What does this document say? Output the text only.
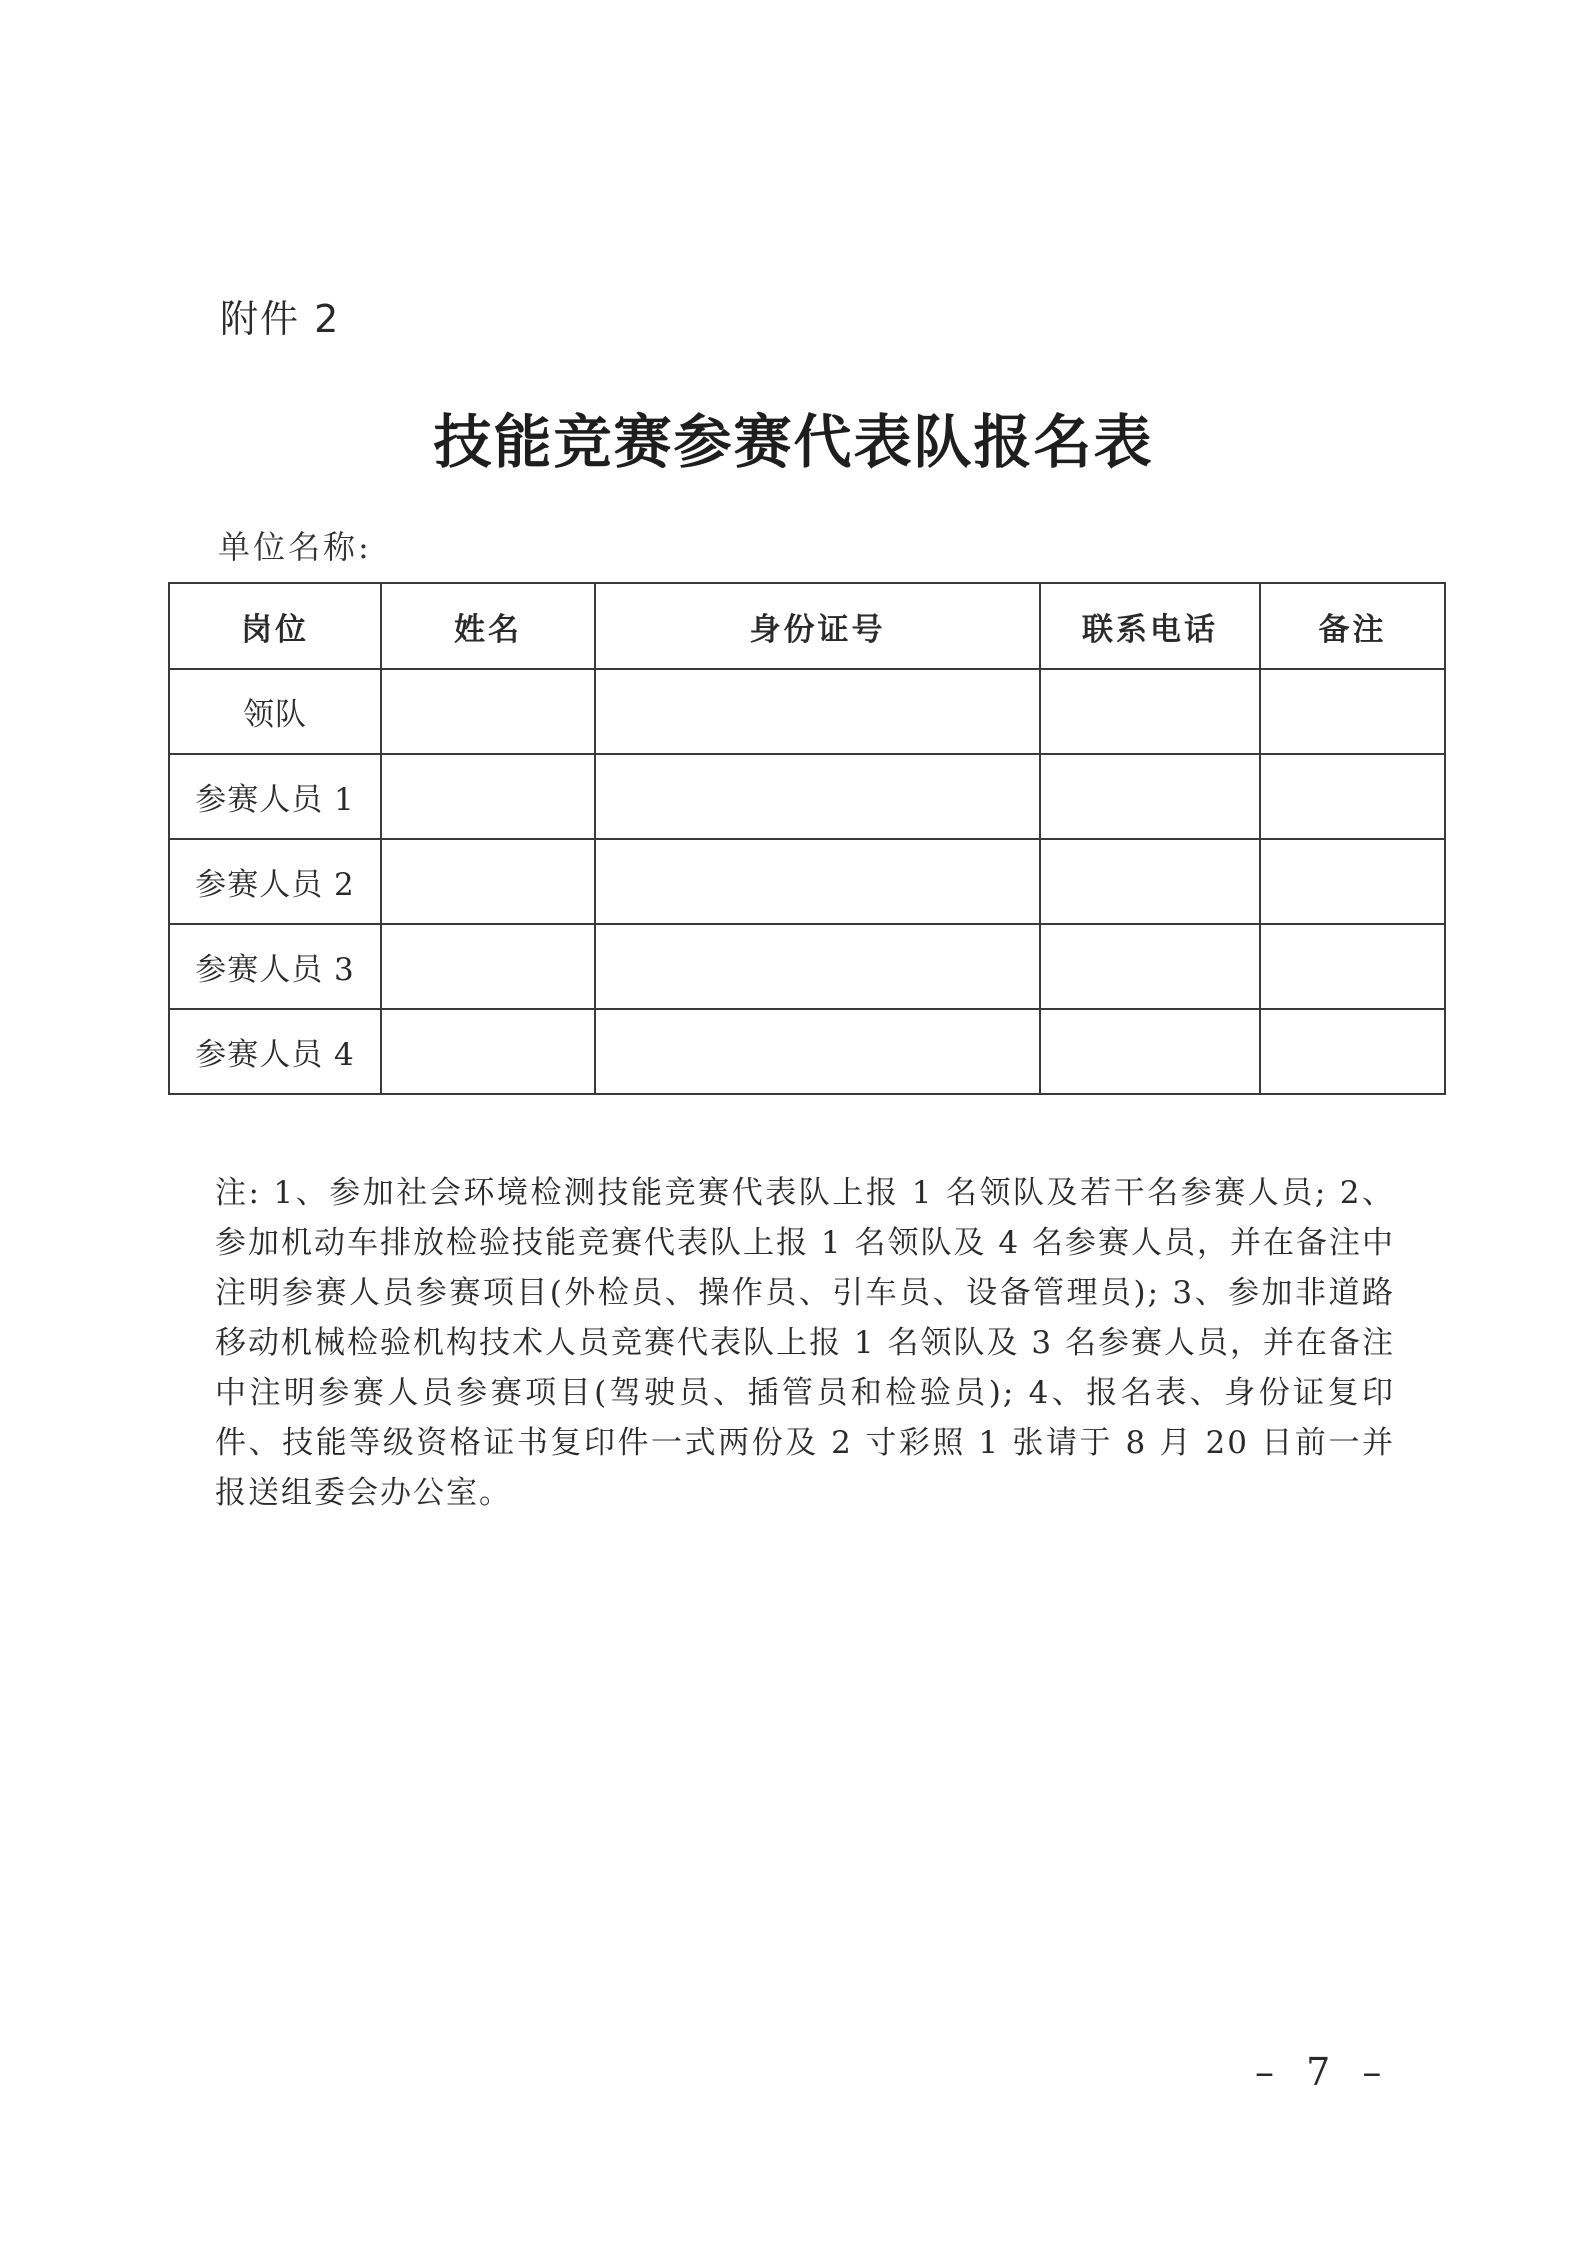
附件 2
技能竞赛参赛代表队报名表
单位名称:
岗位	姓名	身份证号	联系电话	备注
领队				
参赛人员 1				
参赛人员 2				
参赛人员 3				
参赛人员 4				
注: 1、参加社会环境检测技能竞赛代表队上报 1 名领队及若干名参赛人员; 2、参加机动车排放检验技能竞赛代表队上报 1 名领队及 4 名参赛人员，并在备注中注明参赛人员参赛项目(外检员、操作员、引车员、设备管理员); 3、参加非道路移动机械检验机构技术人员竞赛代表队上报 1 名领队及 3 名参赛人员，并在备注中注明参赛人员参赛项目(驾驶员、插管员和检验员); 4、报名表、身份证复印件、技能等级资格证书复印件一式两份及 2 寸彩照 1 张请于 8 月 20 日前一并报送组委会办公室。
– 7 –
